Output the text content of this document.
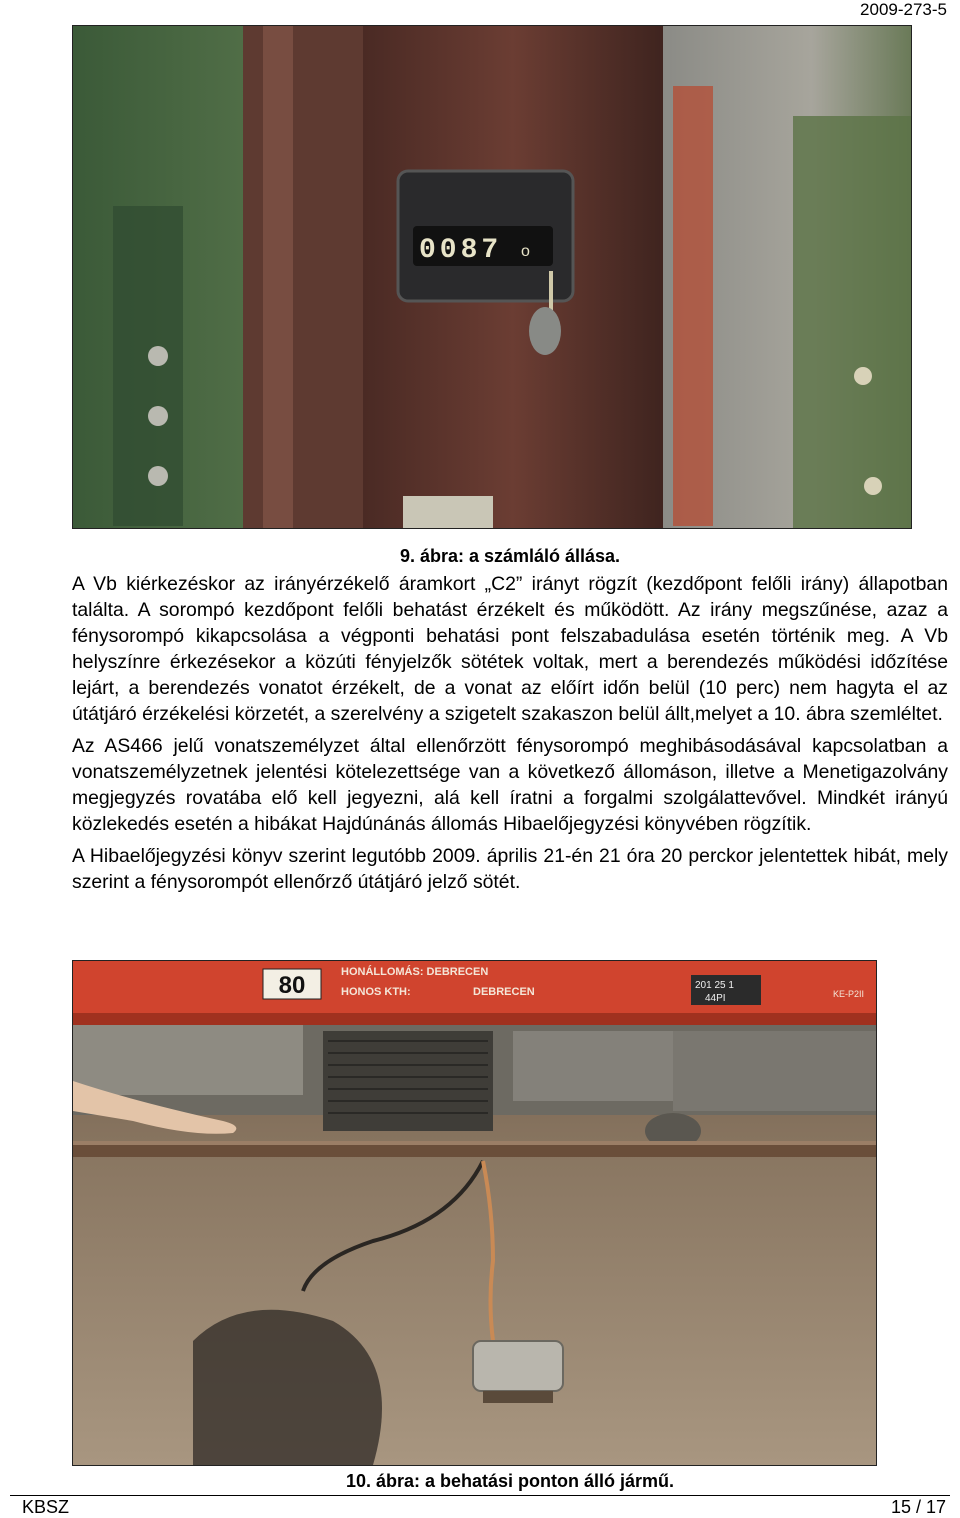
2009-273-5
0087 o
9. ábra: a számláló állása.

A Vb kiérkezéskor az irányérzékelő áramkort „C2” irányt rögzít (kezdőpont felőli irány) állapotban találta. A sorompó kezdőpont felőli behatást érzékelt és működött. Az irány megszűnése, azaz a fénysorompó kikapcsolása a végponti behatási pont felszabadulása esetén történik meg. A Vb helyszínre érkezésekor a közúti fényjelzők sötétek voltak, mert a berendezés működési időzítése lejárt, a berendezés vonatot érzékelt, de a vonat az előírt időn belül (10 perc) nem hagyta el az útátjáró érzékelési körzetét, a szerelvény a szigetelt szakaszon belül állt,melyet a 10. ábra szemléltet.

Az AS466 jelű vonatszemélyzet által ellenőrzött fénysorompó meghibásodásával kapcsolatban a vonatszemélyzetnek jelentési kötelezettsége van a következő állomáson, illetve a Menetigazolvány megjegyzés rovatába elő kell jegyezni, alá kell íratni a forgalmi szolgálattevővel. Mindkét irányú közlekedés esetén a hibákat Hajdúnánás állomás Hibaelőjegyzési könyvében rögzítik.

A Hibaelőjegyzési könyv szerint legutóbb 2009. április 21-én 21 óra 20 perckor jelentettek hibát, mely szerint a fénysorompót ellenőrző útátjáró jelző sötét.

80	HONÁLLOMÁS: DEBRECEN
HONOS KTH:	DEBRECEN
201 25 1
44PI	KE-P2II
10. ábra: a behatási ponton álló jármű.
KBSZ	15 / 17
